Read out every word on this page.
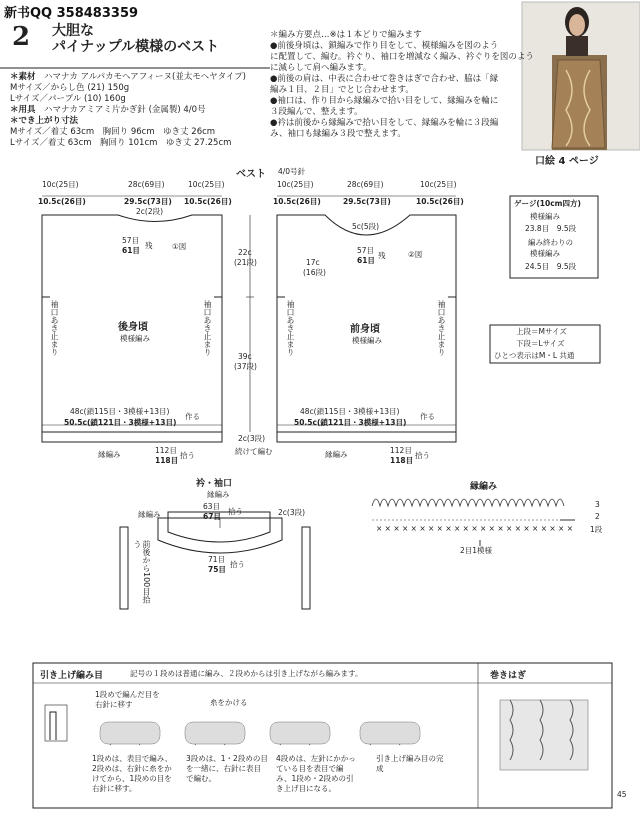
新书QQ 358483359
2 大胆な
パイナップル模様のベスト
＊素材　 ハマナカ アルパカモヘアフィーヌ(並太モヘヤタイプ)
Mサイズ／からし色 (21) 150g
Lサイズ／パープル (10) 160g
＊用具　 ハマナカアミアミ片かぎ針 (金属製) 4/0号
＊でき上がり寸法
Mサイズ／着丈 63cm　胸回り 96cm　ゆき丈 26cm
Lサイズ／着丈 63cm　胸回り 101cm　ゆき丈 27.25cm
＊編み方要点…※は１本どりで編みます
●前後身頃は、鎖編みで作り目をして、模様編みを図のよう
に配置して、編む。衿ぐり、袖口を増減なく編み、衿ぐりを図のよう
に減らして肩へ編みます。
●前後の肩は、中表に合わせて巻きはぎで合わせ、脇は「縁
編み１目、２目」でとじ合わせます。
●袖口は、作り目から縁編みで拾い目をして、縁編みを輪に
３段編んで、整えます。
●衿は前後から縁編みで拾い目をして、縁編みを輪に３段編
み、袖口も縁編み３段で整えます。
口絵 4 ページ
ベスト 4/0号針
10c(25目)
10.5c(26目)
28c(69目)
29.5c(73目)
10c(25目)
10.5c(26目)
2c(2段)
57目
61目
残	①図
10c(25目)
10.5c(26目)
28c(69目)
29.5c(73目)
10c(25目)
10.5c(26目)
5c(5段)
17c
(16段)
57目
61目
残	②図
22c
(21段)
39c
(37段)
袖口あき止まり	袖口あき止まり	袖口あき止まり	袖口あき止まり
後身頃
模様編み
前身頃
模様編み
48c(鎖115目・3模様+13目)
50.5c(鎖121目・3模様+13目)
作る
48c(鎖115目・3模様+13目)
50.5c(鎖121目・3模様+13目)
作る
2c(3段)
続けて編む
縁編み	112目
118目
拾う	縁編み	112目
118目
拾う
ゲージ(10cm四方)
模様編み
23.8目　9.5段
編み終わりの
模様編み
24.5目　9.5段
上段＝Mサイズ
下段＝Lサイズ
ひとつ表示はM・L 共通
衿・袖口
縁編み
63目
67目
拾う
縁編み	2c(3段)
71目
75目
拾う
前後から100目拾う
縁編み
× × × × × × × × × × × × × × × × × × × × × × ×
3
2
1段
2目1模様
引き上げ編み目	記号の１段めは普通に編み、２段めからは引き上げながら編みます。
1段めで編んだ目を右針に移す	糸をかける
1段めは、表目で編み、2段めは、右針に糸をかけてから、1段めの目を右針に移す。
3段めは、1・2段めの目を一緒に、右針に表目で編む。
4段めは、左針にかかっている目を表目で編み、1段め・2段めの引き上げ目になる。
引き上げ編み目の完成
巻きはぎ
45
